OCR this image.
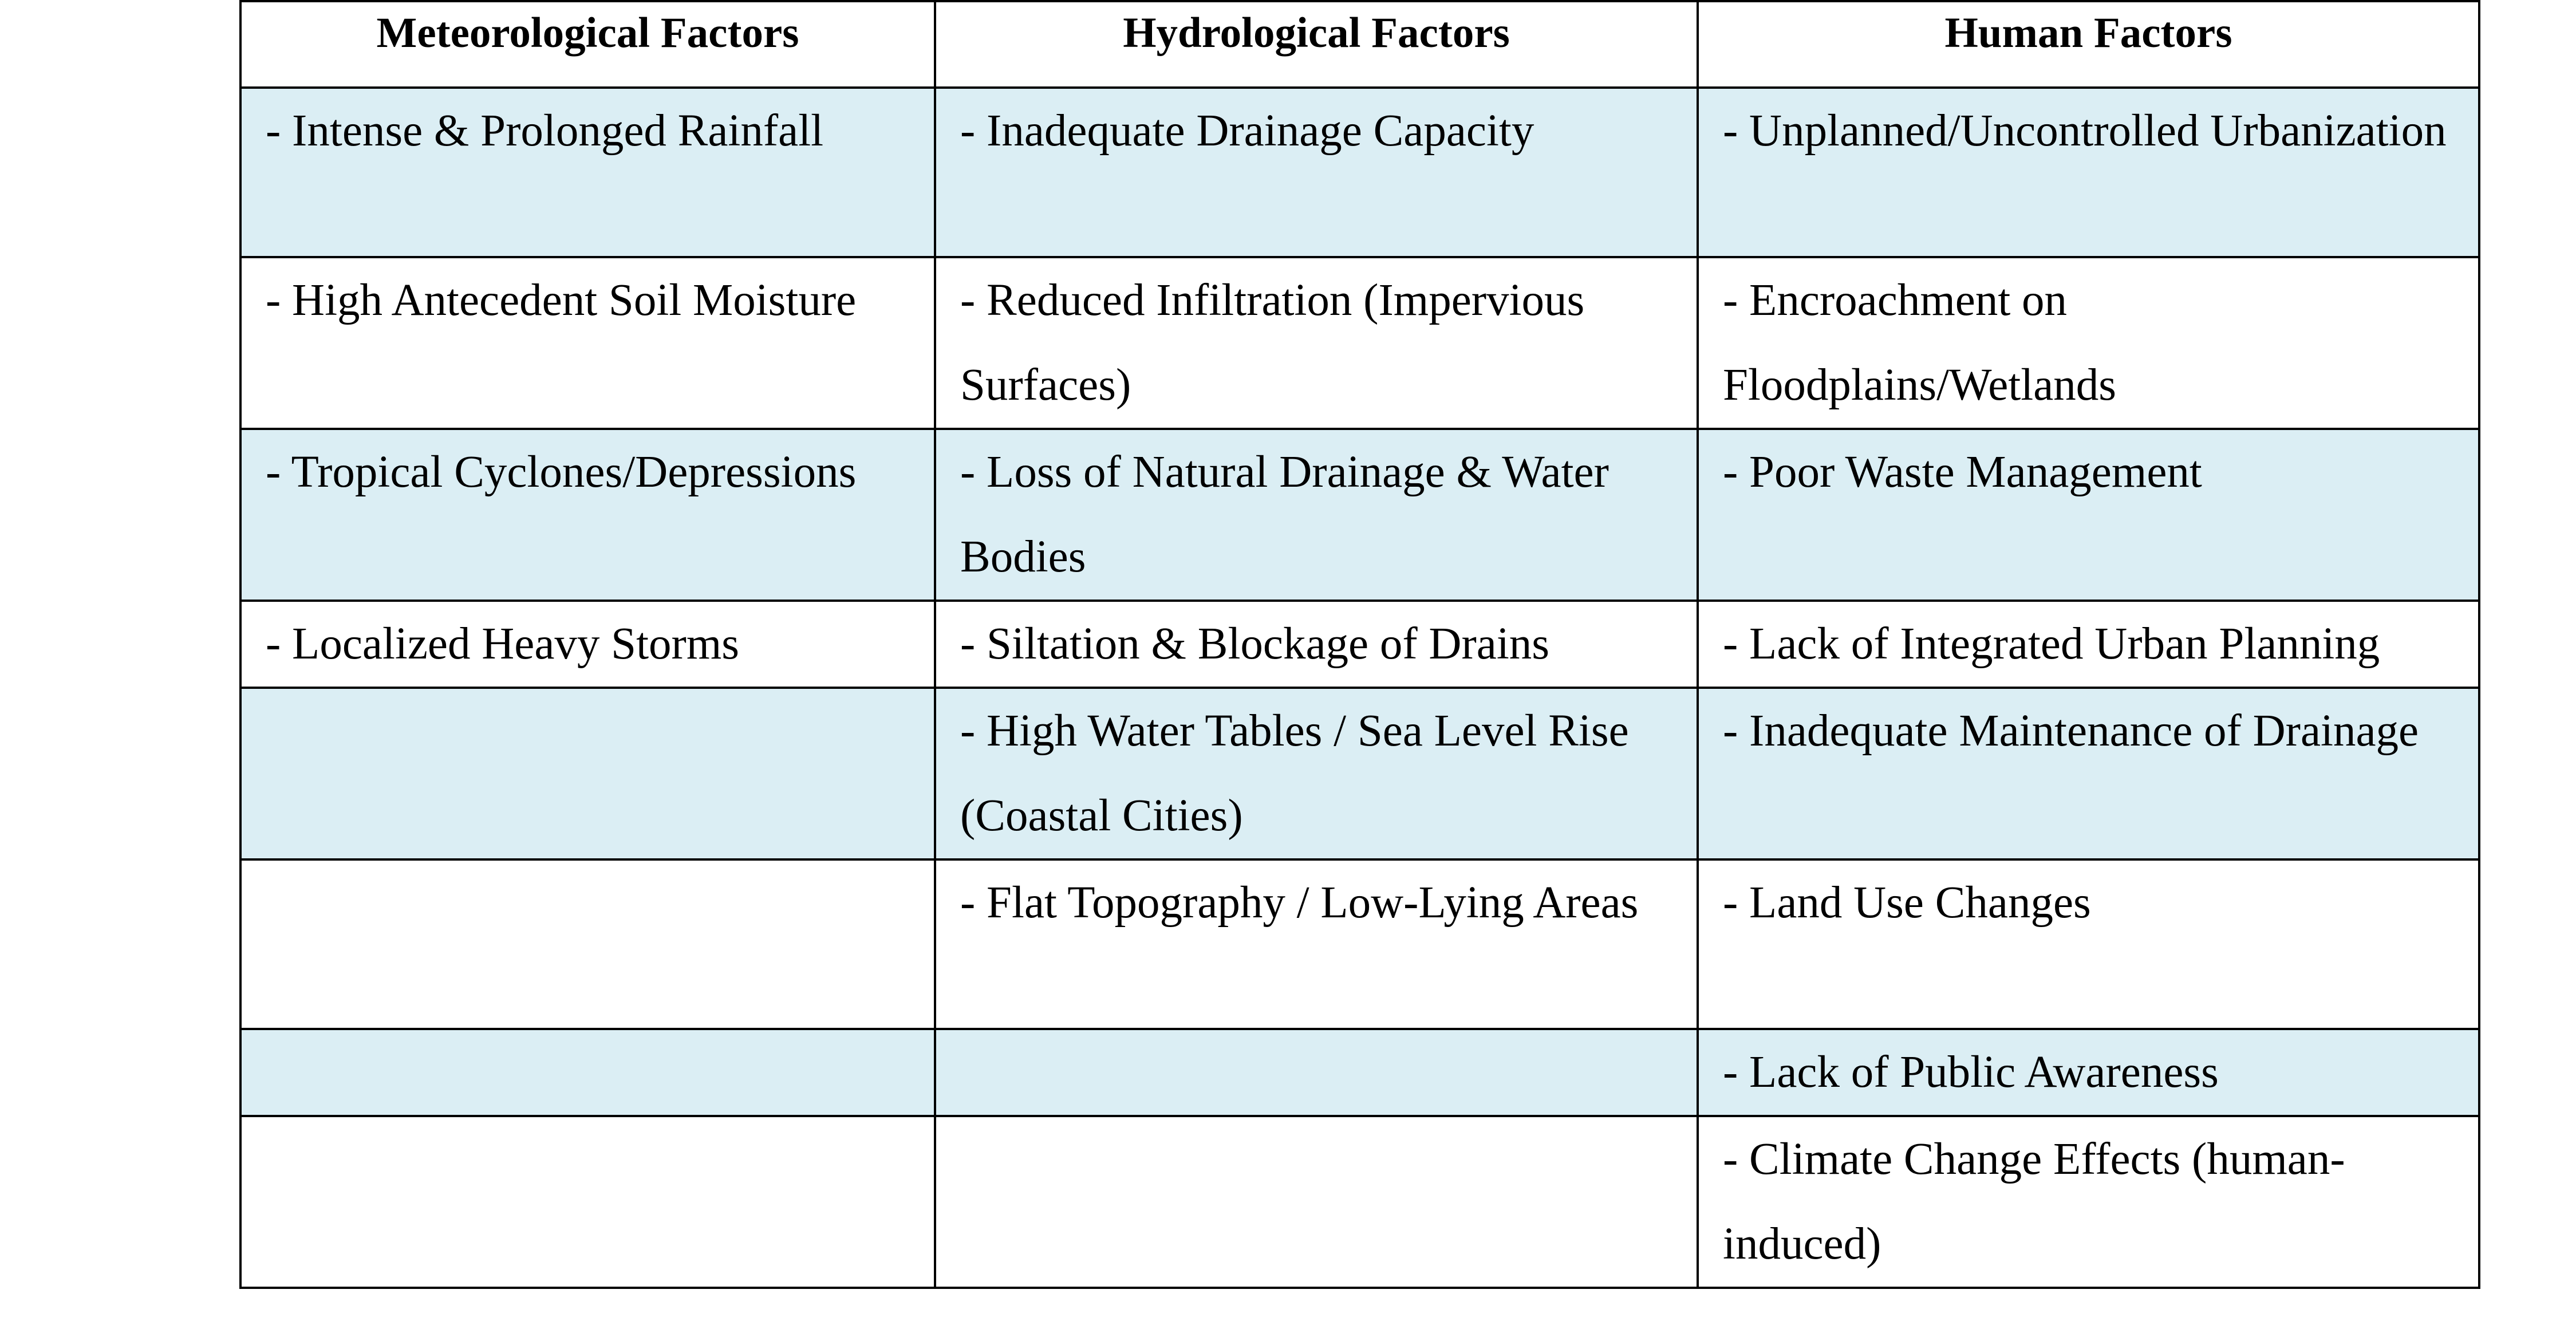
Meteorological Factors	Hydrological Factors	Human Factors
- Intense & Prolonged Rainfall	- Inadequate Drainage Capacity	- Unplanned/Uncontrolled Urbanization
- High Antecedent Soil Moisture	- Reduced Infiltration (Impervious Surfaces)	- Encroachment on Floodplains/Wetlands
- Tropical Cyclones/Depressions	- Loss of Natural Drainage & Water Bodies	- Poor Waste Management
- Localized Heavy Storms	- Siltation & Blockage of Drains	- Lack of Integrated Urban Planning
	- High Water Tables / Sea Level Rise (Coastal Cities)	- Inadequate Maintenance of Drainage
	- Flat Topography / Low-Lying Areas	- Land Use Changes
		- Lack of Public Awareness
		- Climate Change Effects (human-induced)
